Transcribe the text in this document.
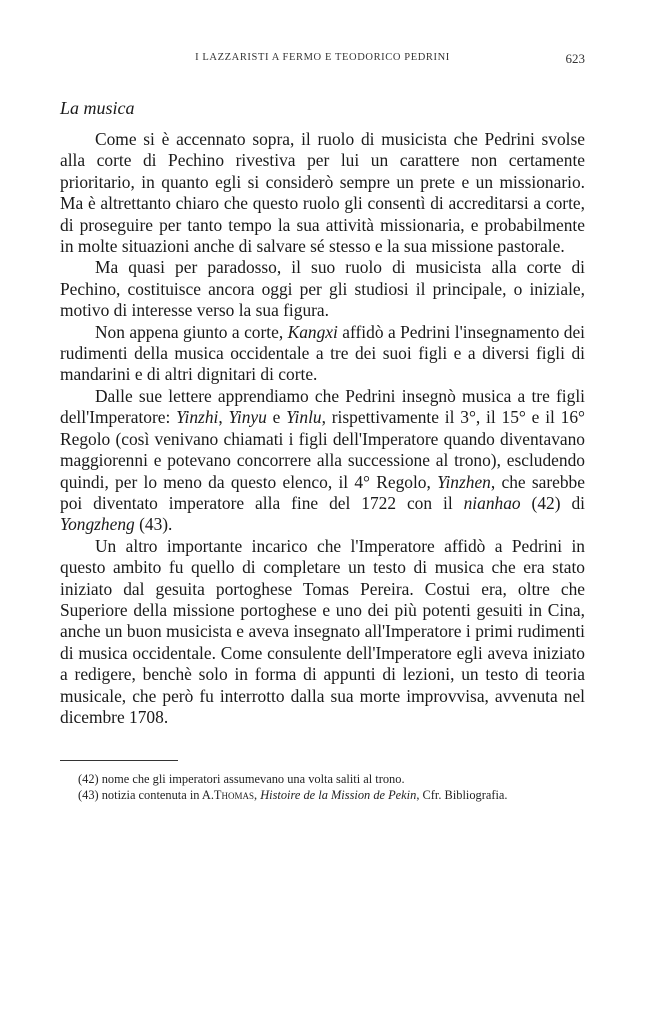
I LAZZARISTI A FERMO E TEODORICO PEDRINI	623
La musica

Come si è accennato sopra, il ruolo di musicista che Pedrini svolse alla corte di Pechino rivestiva per lui un carattere non certamente prioritario, in quanto egli si considerò sempre un prete e un missionario. Ma è altrettanto chiaro che questo ruolo gli consentì di accreditarsi a corte, di proseguire per tanto tempo la sua attività missionaria, e probabilmente in molte situazioni anche di salvare sé stesso e la sua missione pastorale.

Ma quasi per paradosso, il suo ruolo di musicista alla corte di Pechino, costituisce ancora oggi per gli studiosi il principale, o iniziale, motivo di interesse verso la sua figura.

Non appena giunto a corte, Kangxi affidò a Pedrini l'insegnamento dei rudimenti della musica occidentale a tre dei suoi figli e a diversi figli di mandarini e di altri dignitari di corte.

Dalle sue lettere apprendiamo che Pedrini insegnò musica a tre figli dell'Imperatore: Yinzhi, Yinyu e Yinlu, rispettivamente il 3°, il 15° e il 16° Regolo (così venivano chiamati i figli dell'Imperatore quando diventavano maggiorenni e potevano concorrere alla successione al trono), escludendo quindi, per lo meno da questo elenco, il 4° Regolo, Yinzhen, che sarebbe poi diventato imperatore alla fine del 1722 con il nianhao (42) di Yongzheng (43).

Un altro importante incarico che l'Imperatore affidò a Pedrini in questo ambito fu quello di completare un testo di musica che era stato iniziato dal gesuita portoghese Tomas Pereira. Costui era, oltre che Superiore della missione portoghese e uno dei più potenti gesuiti in Cina, anche un buon musicista e aveva insegnato all'Imperatore i primi rudimenti di musica occidentale. Come consulente dell'Imperatore egli aveva iniziato a redigere, benchè solo in forma di appunti di lezioni, un testo di teoria musicale, che però fu interrotto dalla sua morte improvvisa, avvenuta nel dicembre 1708.

(42) nome che gli imperatori assumevano una volta saliti al trono.

(43) notizia contenuta in A.Thomas, Histoire de la Mission de Pekin, Cfr. Bibliografia.
